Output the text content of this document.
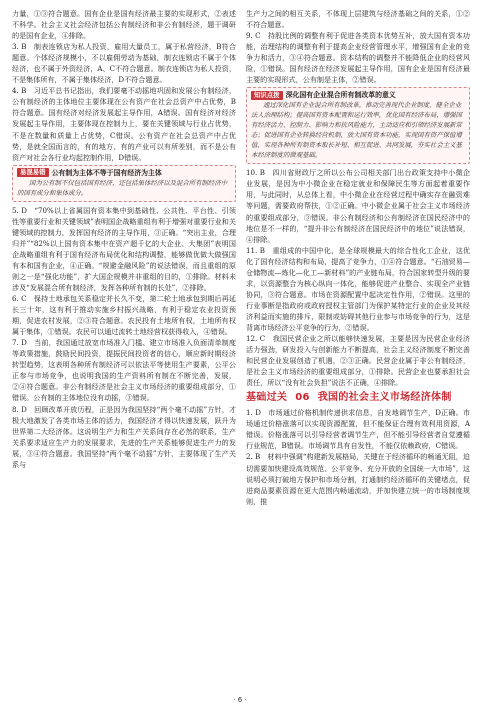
力量，①③符合题意。国有企业是国有经济最主要的实现形式，②表述不科学。社会主义社会经济包括公有制经济和非公有制经济，题干调研的是国有企业，④排除。

3. B　制表连锁店为私人投资，雇用大量员工，属于私营经济，B符合题意。个体经济规模小，不以雇佣劳动为基础，制衣连锁店不属于个体经济，也不属于外资经济，A、C不符合题意。制衣连锁店为私人投资，不是集体所有，不属于集体经济，D不符合题意。

4. B　习近平总书记指出，我们要毫不动摇地巩固和发展公有制经济，公有制经济的主体地位主要体现在公有资产在社会总资产中占优势，B符合题意。国有经济对经济发展起主导作用，A错误。国有经济对经济发展起主导作用，主要体现在控制力上，要在关键领域与行业占优势，不是在数量和质量上占优势，C错误。公有资产在社会总资产中占优势，是就全国而言的，有的地方、有的产业可以有所差别，而不是公有资产对社会各行业均起控制作用，D错误。

易混易错 公有制为主体不等于国有经济为主体
国为公有制不仅包括国有经济，还包括集体经济以及混合所有制经济中的国有成分和集体成分。

5. D　“70%以上省属国有资本集中到基础性、公共性、平台性、引领性等重要行业和关键领域”表明国企战略重组有利于增强对重要行业和关键领域的控制力，发挥国有经济的主导作用，③正确。“突出主业，合理归并”“82%以上国有资本集中在资产超千亿的大企业、大集团”表明国企战略重组有利于国有经济布局优化和结构调整，能够做优做大做强国有本和国有企业，④正确。“规避金融风险”的说法错误，而且重组的原则之一是“强化功能”，扩大国企规模并非重组的目的，①排除。材料未涉及“发展混合所有制经济，发挥各种所有制的长处”，②排除。

6. C　保持土地承包关系稳定并长久不变，第二轮土地承包到期后再延长三十年，这有利于推动实施乡村振兴战略，有利于稳定农业投资预期，促进农村发展，②③符合题意。农民投有土地所有权，土地所有权属于集体，①错误。农民可以通过流转土地经营权获得收入，④错误。

7. D　当前，我国通过放宽市场准入门槛、建立市场准入负面清单制度等政策措施，鼓励民间投资，提振民间投资者的信心，顺应新时期经济转型趋势，这表明各种所有制经济可以依法平等使用生产要素，公平公正参与市场竞争，也说明我国的生产资料所有制在不断完善，发展，②④符合题意。非公有制经济是社会主义市场经济的重要组成部分，①错误。公有制的主体地位没有动摇，③错误。

8. D　回顾改革开放历程，正是因为我国坚持“两个毫不动摇”方针，才极大地激发了各类市场主体的活力，我国经济才得以快速发展，跃升为世界第二大经济体。这说明生产力和生产关系间存在必然的联系，生产关系要求适应生产力的发展要求，先进的生产关系能够促进生产力的发展，③④符合题意。我国坚持“两个毫不动摇”方针，主要体现了生产关系与

生产力之间的相互关系，不体现上层建筑与经济基础之间的关系，①②不符合题意。

9. C　持股比例的调整有利于促进各类资本优势互补，放大国有资本功能，治理结构的调整有利于提高企业经营管理水平，增强国有企业的竞争力和活力，③④符合题意。资本结构的调整并不能降低企业的经营风险，①错误。国有经济在经济发展起主导作用，国有企业是国有经济最主要的实现形式，公有制是主体，②错误。

知识点拨 深化国有企业混合所有制改革的意义
通过深化国有企业混合所有制改革，推动完善现代企业制度，健全企业法人治理结构；提高国有资本配置和运行效率，优化国有经济布局，增强国有经济活力、控制力、影响力和抗风险能力，主动适应和引领经济发展新常态；促进国有企业转换经营机制，放大国有资本功能，实现国有资产保值增值，实现各种所有制资本取长补短、相互促进、共同发展，夯实社会主义基本经济制度的微观基础。

10. B　四川省财政厅之所以公布公司相关部门出台政策支持中小微企业发展，是因为中小微企业在稳定就业和保障民生等方面起着重要作用，与此同时，从总体上看，中小微企业在经营过程中确实存在融资难等问题，需要政府帮扶，①②正确。中小微企业属于社会主义市场经济的重要组成部分，③错误。非公有制经济和公有制经济在国民经济中的地位是不一样的，“提升非公有制经济在国民经济中的地位”说法错误，④排除。

11. B　重组成的中国中化，是全球规模最大的综合性化工企业，这优化了国有经济结构和布局，提高了竞争力，①④符合题意。“石油贸易—仓储物流—炼化—化工—新材料”的产业链布局，符合国家转型升级的要求，以资源整合为核心纵向一体化，能够促进产业整合、实现全产业链协同，③符合题意。市场在资源配置中起决定性作用，②错误。这里的行业事断是指政府或政府授权主管部门为保护某特定行业的企业及其经济利益而实施的排斥、限制或妨碍其他行业参与市场竞争的行为，这是背离市场经济公平竞争的行为，②错误。

12. C　我国民营企业之所以能够快速发展，主要是因为民营企业经济活力强劲，研发投入与创新能力不断提高，社会主义经济制度不断完善和民营企业发展创造了机遇，②③正确。民营企业属于非公有制经济，是社会主义市场经济的重要组成部分，①排除。民营企业也要承担社会责任，所以“没有社会负担”说法不正确，④排除。

基础过关 06 我国的社会主义市场经济体制

1. D　市场通过价格机制传递供求信息，自发地调节生产，D正确。市场通过价格涨落可以实现资源配置，但不能保证合理有效利用资源，A错误。价格涨落可以引导经营者调节生产，但不能引导经营者自觉遵循行业规范，B错误。市场调节具有自发性，不能仅依赖政府，C错误。

2. B　材料中强调“构建新发展格局，关键在于经济循环的畅通无阻，迫切需要加快建设高效规范、公平竞争、充分开放的全国统一大市场”，这说明必须打破地方保护和市场分割，打通制约经济循环的关键堵点，促进商品要素资源在更大范围内畅通流动，并加快建立统一的市场制度规则，推

· 6 ·
